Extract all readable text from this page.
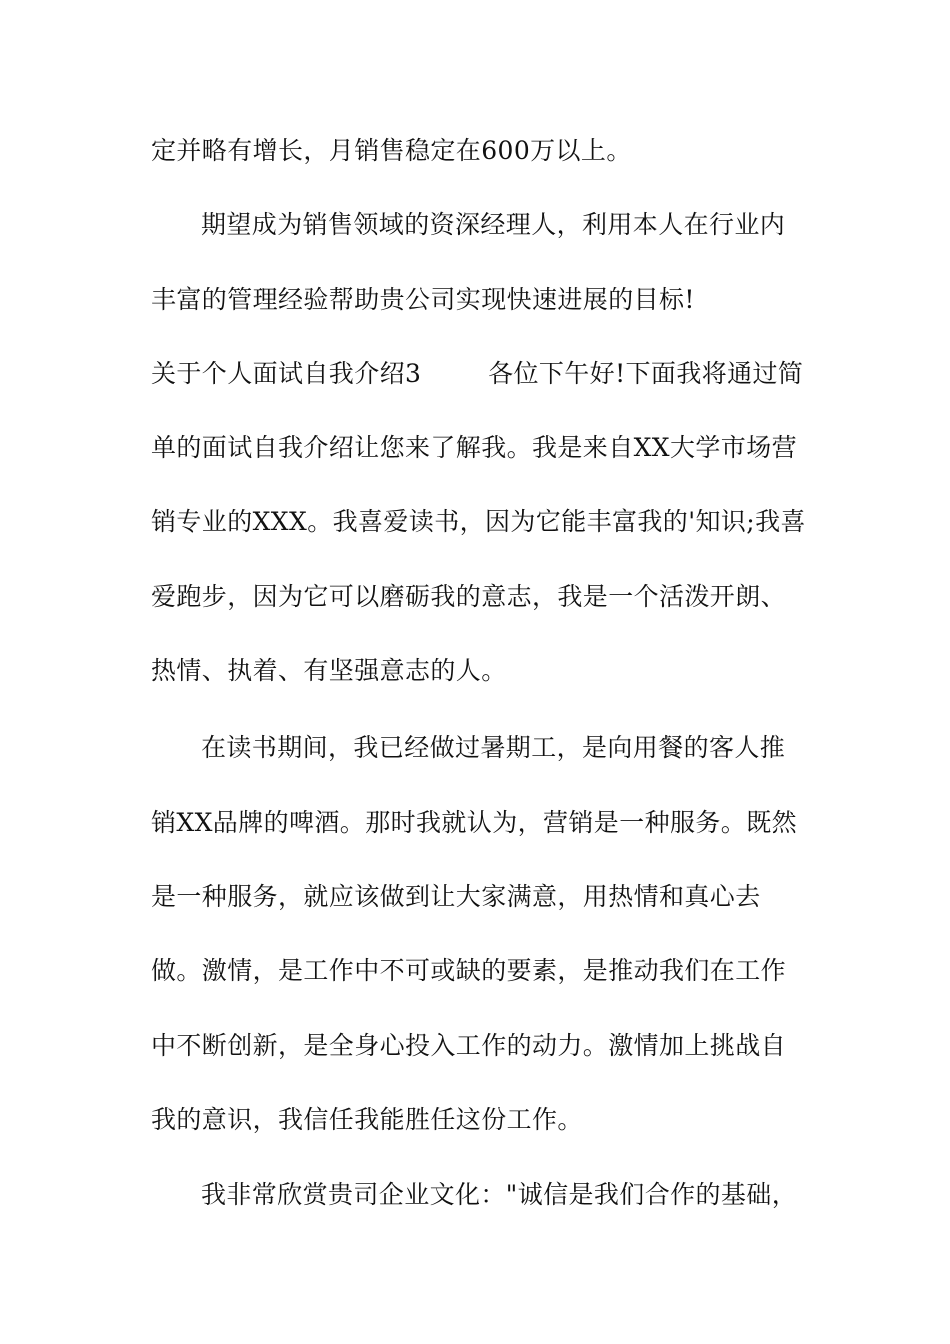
定并略有增长，月销售稳定在600万以上。
期望成为销售领域的资深经理人，利用本人在行业内
丰富的管理经验帮助贵公司实现快速进展的目标!
关于个人面试自我介绍3        各位下午好!下面我将通过简
单的面试自我介绍让您来了解我。我是来自XX大学市场营
销专业的XXX。我喜爱读书，因为它能丰富我的'知识;我喜
爱跑步，因为它可以磨砺我的意志，我是一个活泼开朗、
热情、执着、有坚强意志的人。
在读书期间，我已经做过暑期工，是向用餐的客人推
销XX品牌的啤酒。那时我就认为，营销是一种服务。既然
是一种服务，就应该做到让大家满意，用热情和真心去
做。激情，是工作中不可或缺的要素，是推动我们在工作
中不断创新，是全身心投入工作的动力。激情加上挑战自
我的意识，我信任我能胜任这份工作。
我非常欣赏贵司企业文化："诚信是我们合作的基础，
